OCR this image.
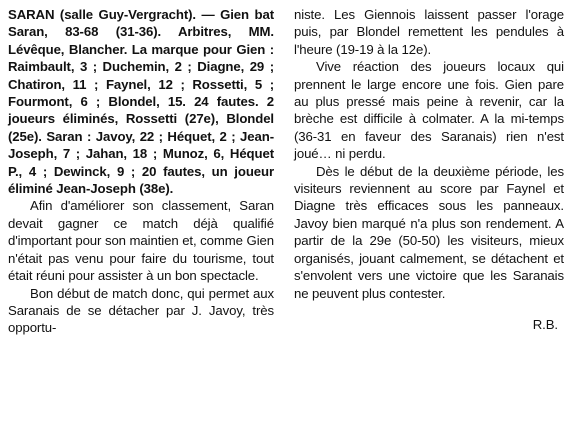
SARAN (salle Guy-Vergracht). — Gien bat Saran, 83-68 (31-36). Arbitres, MM. Lévêque, Blancher. La marque pour Gien : Raimbault, 3 ; Duchemin, 2 ; Diagne, 29 ; Chatiron, 11 ; Faynel, 12 ; Rossetti, 5 ; Fourmont, 6 ; Blondel, 15. 24 fautes. 2 joueurs éliminés, Rossetti (27e), Blondel (25e). Saran : Javoy, 22 ; Héquet, 2 ; Jean-Joseph, 7 ; Jahan, 18 ; Munoz, 6, Héquet P., 4 ; Dewinck, 9 ; 20 fautes, un joueur éliminé Jean-Joseph (38e).

Afin d'améliorer son classement, Saran devait gagner ce match déjà qualifié d'important pour son maintien et, comme Gien n'était pas venu pour faire du tourisme, tout était réuni pour assister à un bon spectacle.

Bon début de match donc, qui permet aux Saranais de se détacher par J. Javoy, très opportu-

niste. Les Giennois laissent passer l'orage puis, par Blondel remettent les pendules à l'heure (19-19 à la 12e).

Vive réaction des joueurs locaux qui prennent le large encore une fois. Gien pare au plus pressé mais peine à revenir, car la brèche est difficile à colmater. A la mi-temps (36-31 en faveur des Saranais) rien n'est joué… ni perdu.

Dès le début de la deuxième période, les visiteurs reviennent au score par Faynel et Diagne très efficaces sous les panneaux. Javoy bien marqué n'a plus son rendement. A partir de la 29e (50-50) les visiteurs, mieux organisés, jouant calmement, se détachent et s'envolent vers une victoire que les Saranais ne peuvent plus contester.

R.B.
